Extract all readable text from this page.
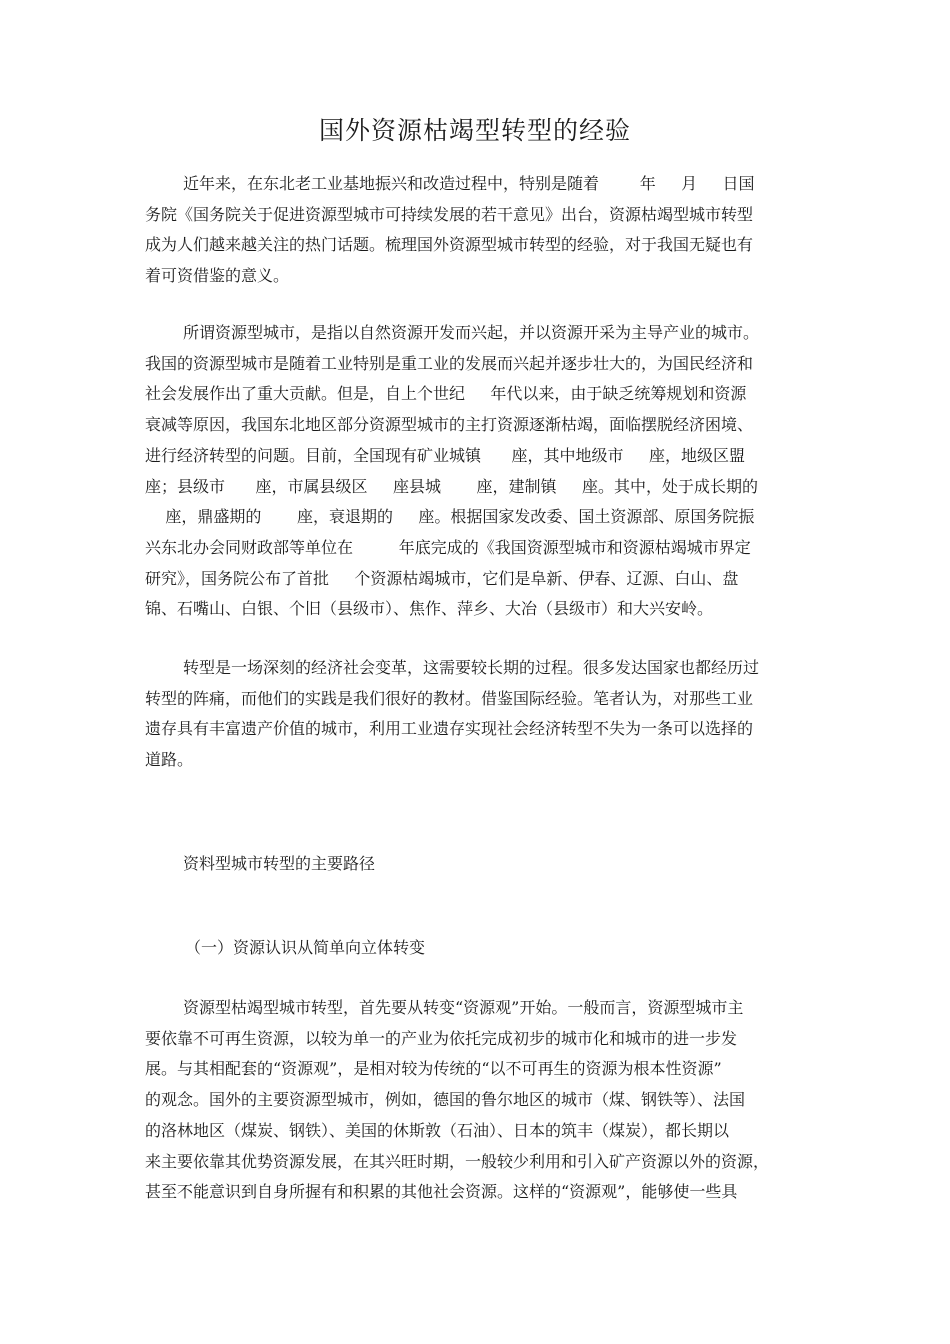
国外资源枯竭型转型的经验
近年来，在东北老工业基地振兴和改造过程中，特别是随着        年     月     日国
务院《国务院关于促进资源型城市可持续发展的若干意见》出台，资源枯竭型城市转型
成为人们越来越关注的热门话题。梳理国外资源型城市转型的经验，对于我国无疑也有
着可资借鉴的意义。
所谓资源型城市，是指以自然资源开发而兴起，并以资源开采为主导产业的城市。
我国的资源型城市是随着工业特别是重工业的发展而兴起并逐步壮大的，为国民经济和
社会发展作出了重大贡献。但是，自上个世纪     年代以来，由于缺乏统筹规划和资源
衰减等原因，我国东北地区部分资源型城市的主打资源逐渐枯竭，面临摆脱经济困境、
进行经济转型的问题。目前，全国现有矿业城镇      座，其中地级市     座，地级区盟
座；县级市      座，市属县级区     座县城       座，建制镇     座。其中，处于成长期的
座，鼎盛期的       座，衰退期的     座。根据国家发改委、国土资源部、原国务院振
兴东北办会同财政部等单位在         年底完成的《我国资源型城市和资源枯竭城市界定
研究》，国务院公布了首批     个资源枯竭城市，它们是阜新、伊春、辽源、白山、盘
锦、石嘴山、白银、个旧（县级市）、焦作、萍乡、大冶（县级市）和大兴安岭。
转型是一场深刻的经济社会变革，这需要较长期的过程。很多发达国家也都经历过
转型的阵痛，而他们的实践是我们很好的教材。借鉴国际经验。笔者认为，对那些工业
遗存具有丰富遗产价值的城市，利用工业遗存实现社会经济转型不失为一条可以选择的
道路。
资料型城市转型的主要路径
（一）资源认识从简单向立体转变
资源型枯竭型城市转型，首先要从转变“资源观”开始。一般而言，资源型城市主
要依靠不可再生资源，以较为单一的产业为依托完成初步的城市化和城市的进一步发
展。与其相配套的“资源观”，是相对较为传统的“以不可再生的资源为根本性资源”
的观念。国外的主要资源型城市，例如，德国的鲁尔地区的城市（煤、钢铁等）、法国
的洛林地区（煤炭、钢铁）、美国的休斯敦（石油）、日本的筑丰（煤炭），都长期以
来主要依靠其优势资源发展，在其兴旺时期，一般较少利用和引入矿产资源以外的资源，
甚至不能意识到自身所握有和积累的其他社会资源。这样的“资源观”，能够使一些具
